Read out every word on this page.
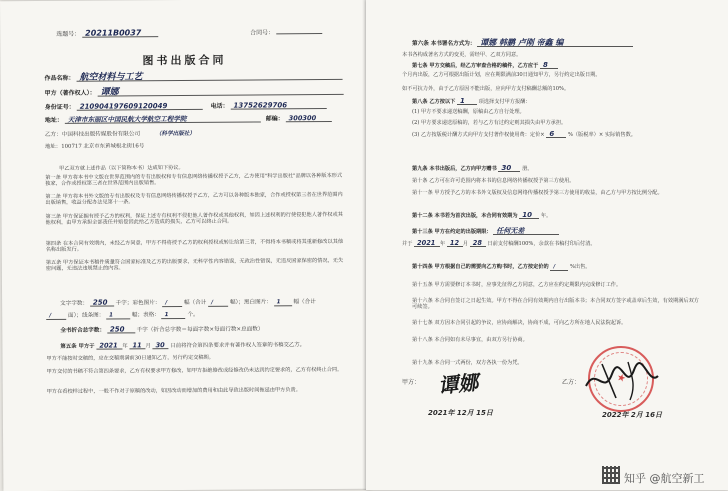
选题号： 20211B0037	合同号：
图书出版合同
作品名称： 航空材料与工艺
甲方（著作权人）： 谭娜
身份证号： 210904197609120049	电话： 13752629706
地址： 天津市东丽区中国民航大学航空工程学院	邮编： 300300
乙方：中国科技出版传媒股份有限公司	（科学出版社）
地址：100717 北京市东黄城根北街16号
甲乙双方就上述作品（以下简称本书）达成如下协议。
第一条 甲方将本书中文版在世界范围内的专有出版权和专有信息网络传播权授予乙方，乙方使用"科学出版社"品牌以各种版本形式独家，合作或授权第三者在世界范围内出版销售。
第二条 甲方将本书外文版的专有出版权及专有信息网络传播权授予乙方，乙方可以各种版本独家，合作或授权第三者在世界范围内出版销售，收益分配办法见第十一条。
第三条 甲方保证拥有授予乙方的权利，保证上述专有权利不侵犯他人著作权或其他权利，如因上述权利的行使侵犯他人著作权或其他权利，由甲方承担全部责任并赔偿因此给乙方造成的损失，乙方可以终止合同。
第四条 在本合同有效期内，未经乙方同意，甲方不得将授予乙方的权利授权或转让给第三者，不得将本书稿或将其重新修改以其他名称出版发行。
第五条 甲方保证本书稿件质量符合国家标准及乙方的出版要求，无科学性内容错误，无政治性错误，无违反国家保密的情况，无失密问题，无违法违规禁止的内容。
文字字数： 250 千字；彩色图片： /	幅（合计 /	幅）；黑白图片： 1 幅（合计
/	面）；线条图： 1	幅；表格： 1	个。
全书折合总字数： 250 千字（折合总字数＝每面字数×每面行数×总面数）
第五条 甲方于 2021 年 11 月 30 日前将符合第四条要求并有著作权人签章的书稿交乙方。
甲方不能按时交稿的，应在交稿期满前30日通知乙方，另行约定交稿期。
甲方交付的书稿不符合第四条要求，乙方有权要求甲方修改，如甲方拒绝修改或经修改仍未达到约定要求的，乙方有权终止合同。
甲方在看校样过程中，一般不作对于原稿的改动，如因改动而增加的费用和由此导致出版时间拖延由甲方负责。
第六条 本书署名方式为： 谭娜 韩鹏 卢刚 帝鑫 编
本书各构成著名方式的变更，需经甲、乙双方同意。
第七条 甲方交稿后，经乙方审查合格的稿件，乙方应于 8
个月内出版，乙方可根据出版计划，应在期限满前30日通知甲方，另行约定出版日期。
如不可抗力外，由于乙方原因不能出版，应向甲方支付稿酬总额的10%。
第八条 乙方按以下 1	项选择支付甲方报酬：
(1) 甲方不要求递送稿酬，原稿由乙方自行处理。
(2) 甲方要求递送原稿的，若与乙方有过约定则其损失由甲方承担。
(3) 乙方按版税计酬方式向甲方支付著作权使用费：定价× 6	%（版税率）× 实际销售数。
第九条 本书出版后，乙方向甲方赠书 30 册。
第十条 乙方可在许可范围内将本书的信息网络传播权授予第三方使用。
第十一条 甲方授予乙方的本书外文版权及信息网络传播权授予第三方使用的收益，由乙方与甲方按比例分配。
第十二条 本书若为首次出版，本合同有效期为 10 年。
第十三条 甲方在约定的出版期限： 任何无差
并于 2021 年 12 月 28 日前支付稿酬100%，余款在书稿付印后付清。
第十四条 甲方根据自己的需要向乙方购书时，乙方按定价的 /	%出售。
第十五条 甲方需要修订本书时，应事先征得乙方同意，乙方应在约定期限内完成修订工作。
第十六条 本合同自签订之日起生效。甲方不得在合同有效期内自行出版本书；本合同双方签字或盖章后生效，有效期满后双方可续签。
第十七条 双方因本合同引起的争议，应协商解决，协商不成，可向乙方所在地人民法院起诉。
第十八条 本合同如有未尽事宜，由双方另行协商。
第十九条 本合同一式两份，双方各执一份为凭。
甲方： 谭娜
2021年 12月 15日
乙方：	★
2022年 2月 16日
知乎 @航空新工
